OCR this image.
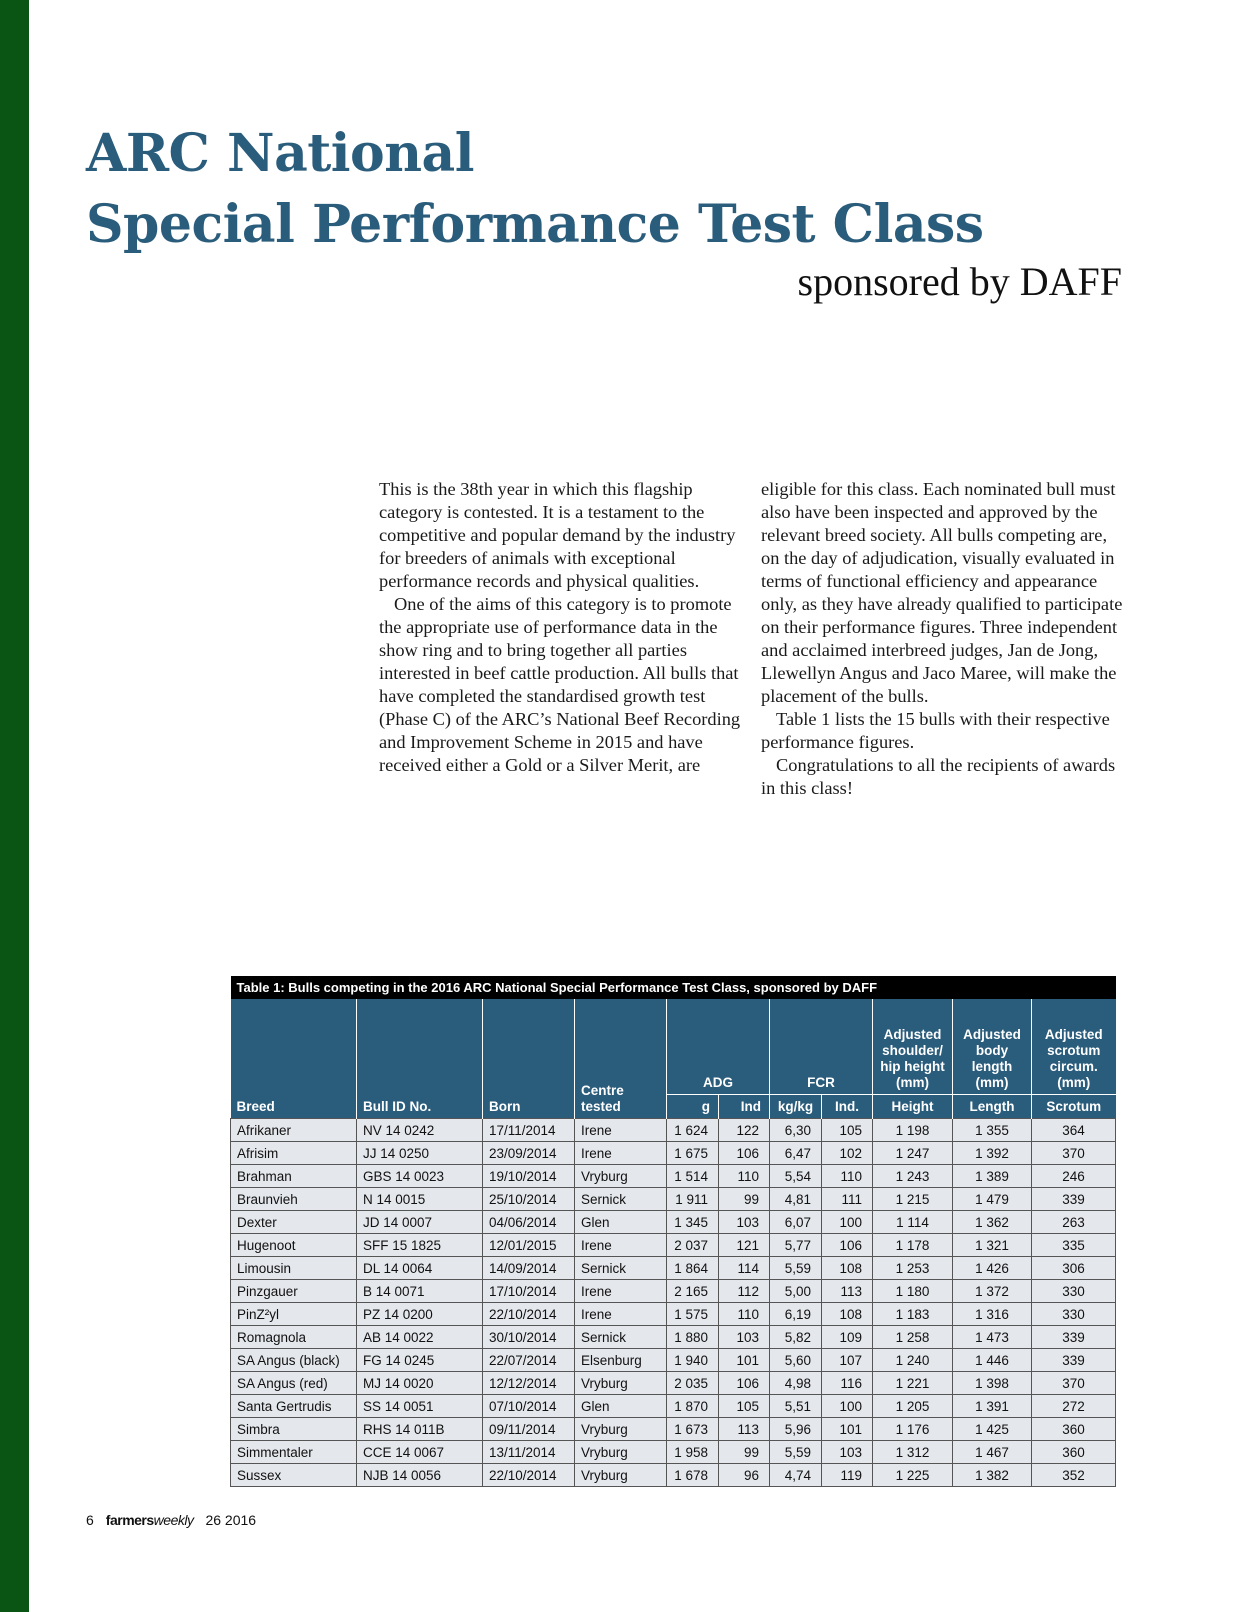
ARC National
Special Performance Test Class
sponsored by DAFF

This is the 38th year in which this flagship category is contested. It is a testament to the competitive and popular demand by the industry for breeders of animals with exceptional performance records and physical qualities.

One of the aims of this category is to promote the appropriate use of performance data in the show ring and to bring together all parties interested in beef cattle production. All bulls that have completed the standardised growth test (Phase C) of the ARC’s National Beef Recording and Improvement Scheme in 2015 and have received either a Gold or a Silver Merit, are

eligible for this class. Each nominated bull must also have been inspected and approved by the relevant breed society. All bulls competing are, on the day of adjudication, visually evaluated in terms of functional efficiency and appearance only, as they have already qualified to participate on their performance figures. Three independent and acclaimed interbreed judges, Jan de Jong, Llewellyn Angus and Jaco Maree, will make the placement of the bulls.

Table 1 lists the 15 bulls with their respective performance figures.

Congratulations to all the recipients of awards in this class!

Table 1: Bulls competing in the 2016 ARC National Special Performance Test Class, sponsored by DAFF										
Breed	Bull ID No.	Born	Centre tested	ADG		FCR		Adjusted shoulder/ hip height (mm)	Adjusted body length (mm)	Adjusted scrotum circum. (mm)
				g	Ind	kg/kg	Ind.	Height	Length	Scrotum
Afrikaner	NV 14 0242	17/11/2014	Irene	1 624	122	6,30	105	1 198	1 355	364
Afrisim	JJ 14 0250	23/09/2014	Irene	1 675	106	6,47	102	1 247	1 392	370
Brahman	GBS 14 0023	19/10/2014	Vryburg	1 514	110	5,54	110	1 243	1 389	246
Braunvieh	N 14 0015	25/10/2014	Sernick	1 911	99	4,81	111	1 215	1 479	339
Dexter	JD 14 0007	04/06/2014	Glen	1 345	103	6,07	100	1 114	1 362	263
Hugenoot	SFF 15 1825	12/01/2015	Irene	2 037	121	5,77	106	1 178	1 321	335
Limousin	DL 14 0064	14/09/2014	Sernick	1 864	114	5,59	108	1 253	1 426	306
Pinzgauer	B 14 0071	17/10/2014	Irene	2 165	112	5,00	113	1 180	1 372	330
PinZ²yl	PZ 14 0200	22/10/2014	Irene	1 575	110	6,19	108	1 183	1 316	330
Romagnola	AB 14 0022	30/10/2014	Sernick	1 880	103	5,82	109	1 258	1 473	339
SA Angus (black)	FG 14 0245	22/07/2014	Elsenburg	1 940	101	5,60	107	1 240	1 446	339
SA Angus (red)	MJ 14 0020	12/12/2014	Vryburg	2 035	106	4,98	116	1 221	1 398	370
Santa Gertrudis	SS 14 0051	07/10/2014	Glen	1 870	105	5,51	100	1 205	1 391	272
Simbra	RHS 14 011B	09/11/2014	Vryburg	1 673	113	5,96	101	1 176	1 425	360
Simmentaler	CCE 14 0067	13/11/2014	Vryburg	1 958	99	5,59	103	1 312	1 467	360
Sussex	NJB 14 0056	22/10/2014	Vryburg	1 678	96	4,74	119	1 225	1 382	352
6 farmersweekly 26 2016
